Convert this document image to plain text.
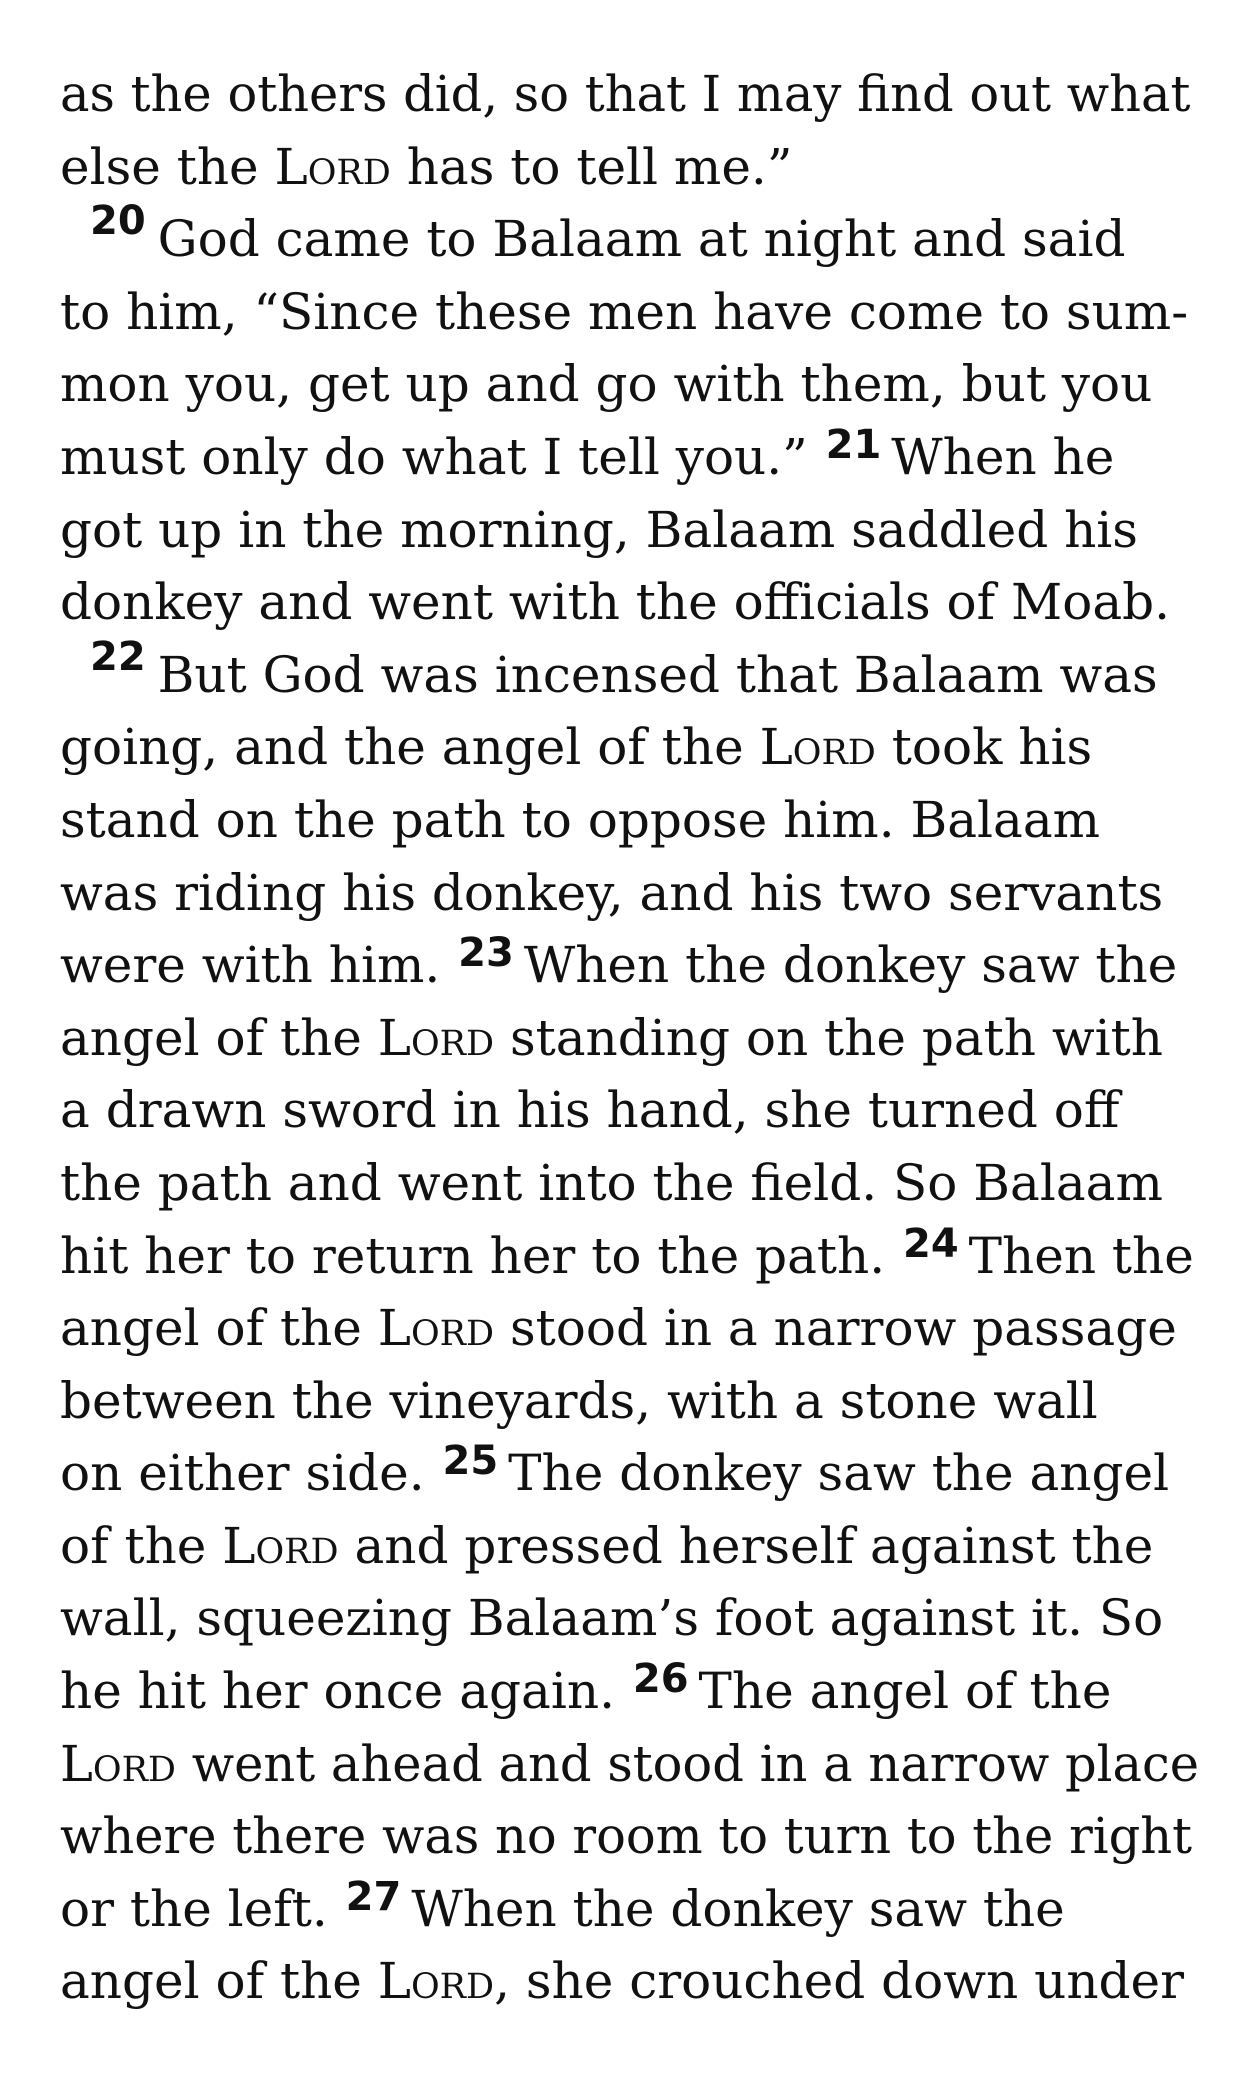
as the others did, so that I may find out what
else the Lord has to tell me.”
$^{20}$ God came to Balaam at night and said
to him, “Since these men have come to sum-
mon you, get up and go with them, but you
must only do what I tell you.” $^{21}$ When he
got up in the morning, Balaam saddled his
donkey and went with the officials of Moab.
$^{22}$ But God was incensed that Balaam was
going, and the angel of the Lord took his
stand on the path to oppose him. Balaam
was riding his donkey, and his two servants
were with him. $^{23}$ When the donkey saw the
angel of the Lord standing on the path with
a drawn sword in his hand, she turned off
the path and went into the field. So Balaam
hit her to return her to the path. $^{24}$ Then the
angel of the Lord stood in a narrow passage
between the vineyards, with a stone wall
on either side. $^{25}$ The donkey saw the angel
of the Lord and pressed herself against the
wall, squeezing Balaam’s foot against it. So
he hit her once again. $^{26}$ The angel of the
Lord went ahead and stood in a narrow place
where there was no room to turn to the right
or the left. $^{27}$ When the donkey saw the
angel of the Lord, she crouched down under
